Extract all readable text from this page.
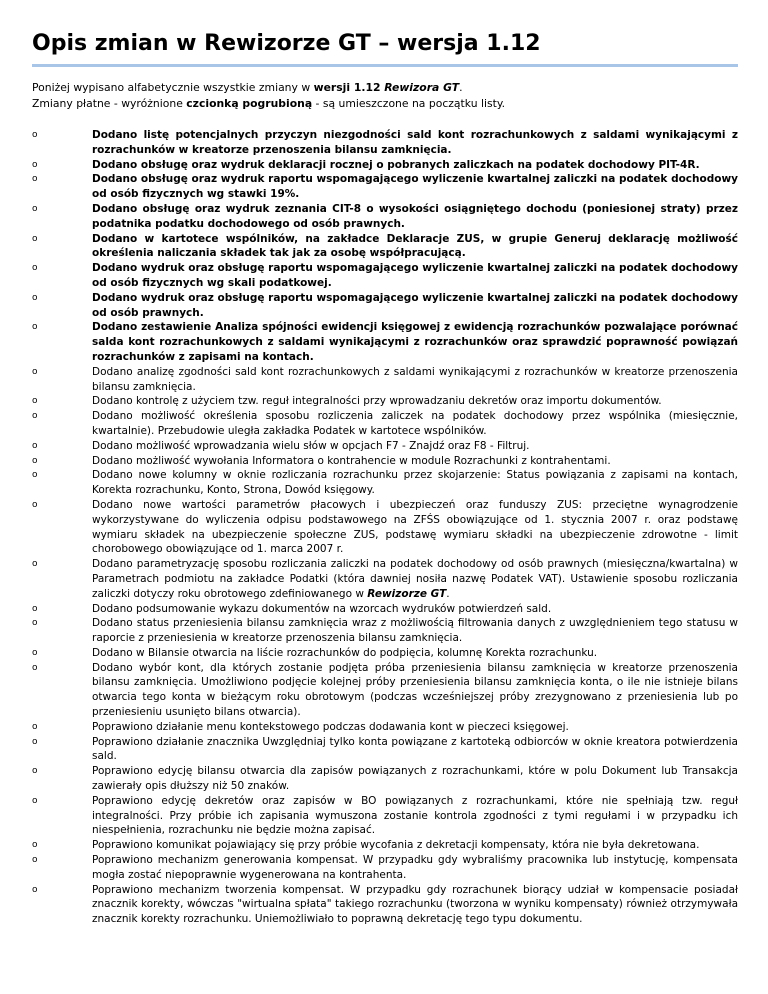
Opis zmian w Rewizorze GT – wersja 1.12
Poniżej wypisano alfabetycznie wszystkie zmiany w wersji 1.12 Rewizora GT.
Zmiany płatne - wyróżnione czcionką pogrubioną - są umieszczone na początku listy.
o	Dodano listę potencjalnych przyczyn niezgodności sald kont rozrachunkowych z saldami wynikającymi z rozrachunków w kreatorze przenoszenia bilansu zamknięcia.
o	Dodano obsługę oraz wydruk deklaracji rocznej o pobranych zaliczkach na podatek dochodowy PIT-4R.
o	Dodano obsługę oraz wydruk raportu wspomagającego wyliczenie kwartalnej zaliczki na podatek dochodowy od osób fizycznych wg stawki 19%.
o	Dodano obsługę oraz wydruk zeznania CIT-8 o wysokości osiągniętego dochodu (poniesionej straty) przez podatnika podatku dochodowego od osób prawnych.
o	Dodano w kartotece wspólników, na zakładce Deklaracje ZUS, w grupie Generuj deklarację możliwość określenia naliczania składek tak jak za osobę współpracującą.
o	Dodano wydruk oraz obsługę raportu wspomagającego wyliczenie kwartalnej zaliczki na podatek dochodowy od osób fizycznych wg skali podatkowej.
o	Dodano wydruk oraz obsługę raportu wspomagającego wyliczenie kwartalnej zaliczki na podatek dochodowy od osób prawnych.
o	Dodano zestawienie Analiza spójności ewidencji księgowej z ewidencją rozrachunków pozwalające porównać salda kont rozrachunkowych z saldami wynikającymi z rozrachunków oraz sprawdzić poprawność powiązań rozrachunków z zapisami na kontach.
o	Dodano analizę zgodności sald kont rozrachunkowych z saldami wynikającymi z rozrachunków w kreatorze przenoszenia bilansu zamknięcia.
o	Dodano kontrolę z użyciem tzw. reguł integralności przy wprowadzaniu dekretów oraz importu dokumentów.
o	Dodano możliwość określenia sposobu rozliczenia zaliczek na podatek dochodowy przez wspólnika (miesięcznie, kwartalnie). Przebudowie uległa zakładka Podatek w kartotece wspólników.
o	Dodano możliwość wprowadzania wielu słów w opcjach F7 - Znajdź oraz F8 - Filtruj.
o	Dodano możliwość wywołania Informatora o kontrahencie w module Rozrachunki z kontrahentami.
o	Dodano nowe kolumny w oknie rozliczania rozrachunku przez skojarzenie: Status powiązania z zapisami na kontach, Korekta rozrachunku, Konto, Strona, Dowód księgowy.
o	Dodano nowe wartości parametrów płacowych i ubezpieczeń oraz funduszy ZUS: przeciętne wynagrodzenie wykorzystywane do wyliczenia odpisu podstawowego na ZFŚS obowiązujące od 1. stycznia 2007 r. oraz podstawę wymiaru składek na ubezpieczenie społeczne ZUS, podstawę wymiaru składki na ubezpieczenie zdrowotne - limit chorobowego obowiązujące od 1. marca 2007 r.
o	Dodano parametryzację sposobu rozliczania zaliczki na podatek dochodowy od osób prawnych (miesięczna/kwartalna) w Parametrach podmiotu na zakładce Podatki (która dawniej nosiła nazwę Podatek VAT). Ustawienie sposobu rozliczania zaliczki dotyczy roku obrotowego zdefiniowanego w Rewizorze GT.
o	Dodano podsumowanie wykazu dokumentów na wzorcach wydruków potwierdzeń sald.
o	Dodano status przeniesienia bilansu zamknięcia wraz z możliwością filtrowania danych z uwzględnieniem tego statusu w raporcie z przeniesienia w kreatorze przenoszenia bilansu zamknięcia.
o	Dodano w Bilansie otwarcia na liście rozrachunków do podpięcia, kolumnę Korekta rozrachunku.
o	Dodano wybór kont, dla których zostanie podjęta próba przeniesienia bilansu zamknięcia w kreatorze przenoszenia bilansu zamknięcia. Umożliwiono podjęcie kolejnej próby przeniesienia bilansu zamknięcia konta, o ile nie istnieje bilans otwarcia tego konta w bieżącym roku obrotowym (podczas wcześniejszej próby zrezygnowano z przeniesienia lub po przeniesieniu usunięto bilans otwarcia).
o	Poprawiono działanie menu kontekstowego podczas dodawania kont w pieczeci księgowej.
o	Poprawiono działanie znacznika Uwzględniaj tylko konta powiązane z kartoteką odbiorców w oknie kreatora potwierdzenia sald.
o	Poprawiono edycję bilansu otwarcia dla zapisów powiązanych z rozrachunkami, które w polu Dokument lub Transakcja zawierały opis dłuższy niż 50 znaków.
o	Poprawiono edycję dekretów oraz zapisów w BO powiązanych z rozrachunkami, które nie spełniają tzw. reguł integralności. Przy próbie ich zapisania wymuszona zostanie kontrola zgodności z tymi regułami i w przypadku ich niespełnienia, rozrachunku nie będzie można zapisać.
o	Poprawiono komunikat pojawiający się przy próbie wycofania z dekretacji kompensaty, która nie była dekretowana.
o	Poprawiono mechanizm generowania kompensat. W przypadku gdy wybraliśmy pracownika lub instytucję, kompensata mogła zostać niepoprawnie wygenerowana na kontrahenta.
o	Poprawiono mechanizm tworzenia kompensat. W przypadku gdy rozrachunek biorący udział w kompensacie posiadał znacznik korekty, wówczas "wirtualna spłata" takiego rozrachunku (tworzona w wyniku kompensaty) również otrzymywała znacznik korekty rozrachunku. Uniemożliwiało to poprawną dekretację tego typu dokumentu.
